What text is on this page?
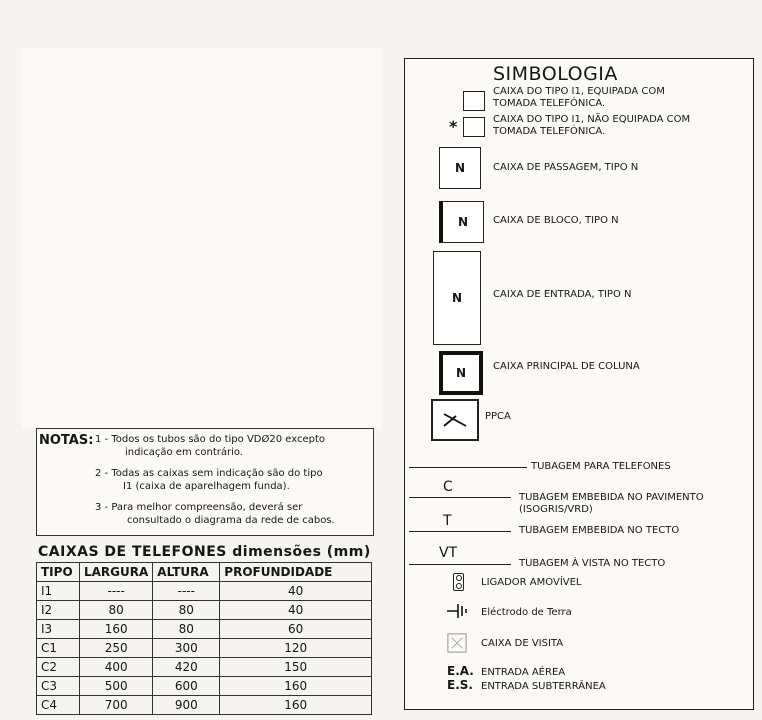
SIMBOLOGIA
CAIXA DO TIPO I1, EQUIPADA COM
TOMADA TELEFÓNICA.
*	CAIXA DO TIPO I1, NÃO EQUIPADA COM
TOMADA TELEFÓNICA.
N	CAIXA DE PASSAGEM, TIPO N
N	CAIXA DE BLOCO, TIPO N
N	CAIXA DE ENTRADA, TIPO N
N	CAIXA PRINCIPAL DE COLUNA
PPCA
TUBAGEM PARA TELEFONES
C
TUBAGEM EMBEBIDA NO PAVIMENTO
(ISOGRIS/VRD)
T
TUBAGEM EMBEBIDA NO TECTO
VT
TUBAGEM À VISTA NO TECTO
LIGADOR AMOVÍVEL
Eléctrodo de Terra
CAIXA DE VISITA
E.A. ENTRADA AÉREA
E.S. ENTRADA SUBTERRÂNEA
NOTAS: 1 - Todos os tubos são do tipo VDØ20 excepto
indicação em contrário.
2 - Todas as caixas sem indicação são do tipo
I1 (caixa de aparelhagem funda).
3 - Para melhor compreensão, deverá ser
consultado o diagrama da rede de cabos.
CAIXAS DE TELEFONES dimensões (mm)
TIPO	LARGURA	ALTURA	PROFUNDIDADE
I1	----	----	40
I2	80	80	40
I3	160	80	60
C1	250	300	120
C2	400	420	150
C3	500	600	160
C4	700	900	160
